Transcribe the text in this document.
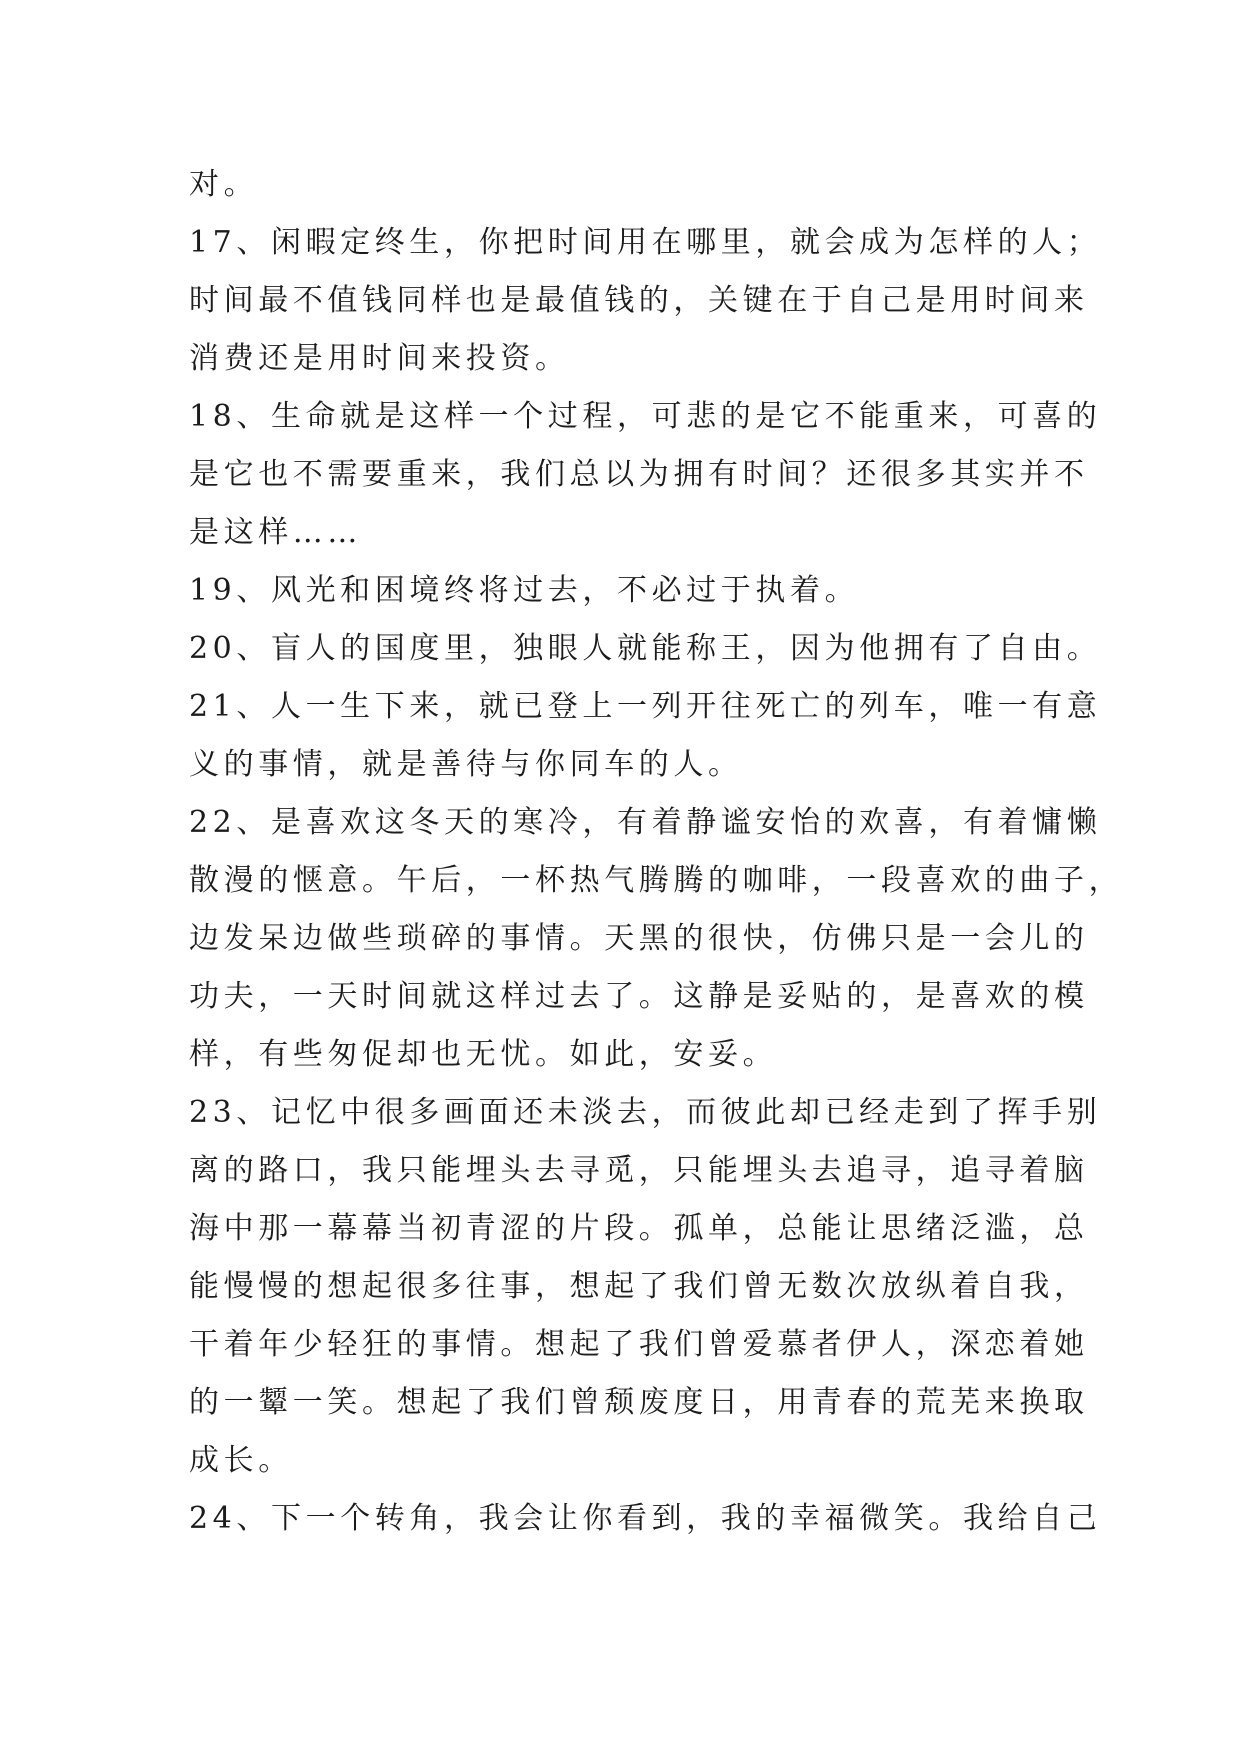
对。

17、闲暇定终生，你把时间用在哪里，就会成为怎样的人；

时间最不值钱同样也是最值钱的，关键在于自己是用时间来

消费还是用时间来投资。

18、生命就是这样一个过程，可悲的是它不能重来，可喜的

是它也不需要重来，我们总以为拥有时间？还很多其实并不

是这样……

19、风光和困境终将过去，不必过于执着。

20、盲人的国度里，独眼人就能称王，因为他拥有了自由。

21、人一生下来，就已登上一列开往死亡的列车，唯一有意

义的事情，就是善待与你同车的人。

22、是喜欢这冬天的寒冷，有着静谧安怡的欢喜，有着慵懒

散漫的惬意。午后，一杯热气腾腾的咖啡，一段喜欢的曲子，

边发呆边做些琐碎的事情。天黑的很快，仿佛只是一会儿的

功夫，一天时间就这样过去了。这静是妥贴的，是喜欢的模

样，有些匆促却也无忧。如此，安妥。

23、记忆中很多画面还未淡去，而彼此却已经走到了挥手别

离的路口，我只能埋头去寻觅，只能埋头去追寻，追寻着脑

海中那一幕幕当初青涩的片段。孤单，总能让思绪泛滥，总

能慢慢的想起很多往事，想起了我们曾无数次放纵着自我，

干着年少轻狂的事情。想起了我们曾爱慕者伊人，深恋着她

的一颦一笑。想起了我们曾颓废度日，用青春的荒芜来换取

成长。

24、下一个转角，我会让你看到，我的幸福微笑。我给自己
